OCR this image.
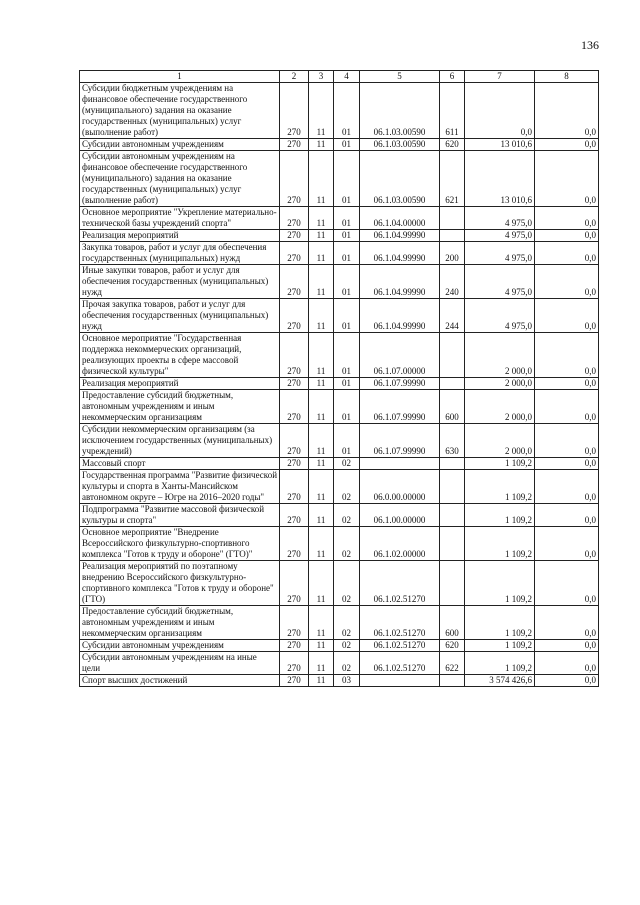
136
1	2	3	4	5	6	7	8
Субсидии бюджетным учреждениям на финансовое обеспечение государственного (муниципального) задания на оказание государственных (муниципальных) услуг (выполнение работ)	270	11	01	06.1.03.00590	611	0,0	0,0
Субсидии автономным учреждениям	270	11	01	06.1.03.00590	620	13 010,6	0,0
Субсидии автономным учреждениям на финансовое обеспечение государственного (муниципального) задания на оказание государственных (муниципальных) услуг (выполнение работ)	270	11	01	06.1.03.00590	621	13 010,6	0,0
Основное мероприятие "Укрепление материально-технической базы учреждений спорта"	270	11	01	06.1.04.00000		4 975,0	0,0
Реализация мероприятий	270	11	01	06.1.04.99990		4 975,0	0,0
Закупка товаров, работ и услуг для обеспечения государственных (муниципальных) нужд	270	11	01	06.1.04.99990	200	4 975,0	0,0
Иные закупки товаров, работ и услуг для обеспечения государственных (муниципальных) нужд	270	11	01	06.1.04.99990	240	4 975,0	0,0
Прочая закупка товаров, работ и услуг для обеспечения государственных (муниципальных) нужд	270	11	01	06.1.04.99990	244	4 975,0	0,0
Основное мероприятие "Государственная поддержка некоммерческих организаций, реализующих проекты в сфере массовой физической культуры"	270	11	01	06.1.07.00000		2 000,0	0,0
Реализация мероприятий	270	11	01	06.1.07.99990		2 000,0	0,0
Предоставление субсидий бюджетным, автономным учреждениям и иным некоммерческим организациям	270	11	01	06.1.07.99990	600	2 000,0	0,0
Субсидии некоммерческим организациям (за исключением государственных (муниципальных) учреждений)	270	11	01	06.1.07.99990	630	2 000,0	0,0
Массовый спорт	270	11	02			1 109,2	0,0
Государственная программа "Развитие физической культуры и спорта в Ханты-Мансийском автономном округе – Югре на 2016–2020 годы"	270	11	02	06.0.00.00000		1 109,2	0,0
Подпрограмма "Развитие массовой физической культуры и спорта"	270	11	02	06.1.00.00000		1 109,2	0,0
Основное мероприятие "Внедрение Всероссийского физкультурно-спортивного комплекса "Готов к труду и обороне" (ГТО)"	270	11	02	06.1.02.00000		1 109,2	0,0
Реализация мероприятий по поэтапному внедрению Всероссийского физкультурно-спортивного комплекса "Готов к труду и обороне" (ГТО)	270	11	02	06.1.02.51270		1 109,2	0,0
Предоставление субсидий бюджетным, автономным учреждениям и иным некоммерческим организациям	270	11	02	06.1.02.51270	600	1 109,2	0,0
Субсидии автономным учреждениям	270	11	02	06.1.02.51270	620	1 109,2	0,0
Субсидии автономным учреждениям на иные цели	270	11	02	06.1.02.51270	622	1 109,2	0,0
Спорт высших достижений	270	11	03			3 574 426,6	0,0
